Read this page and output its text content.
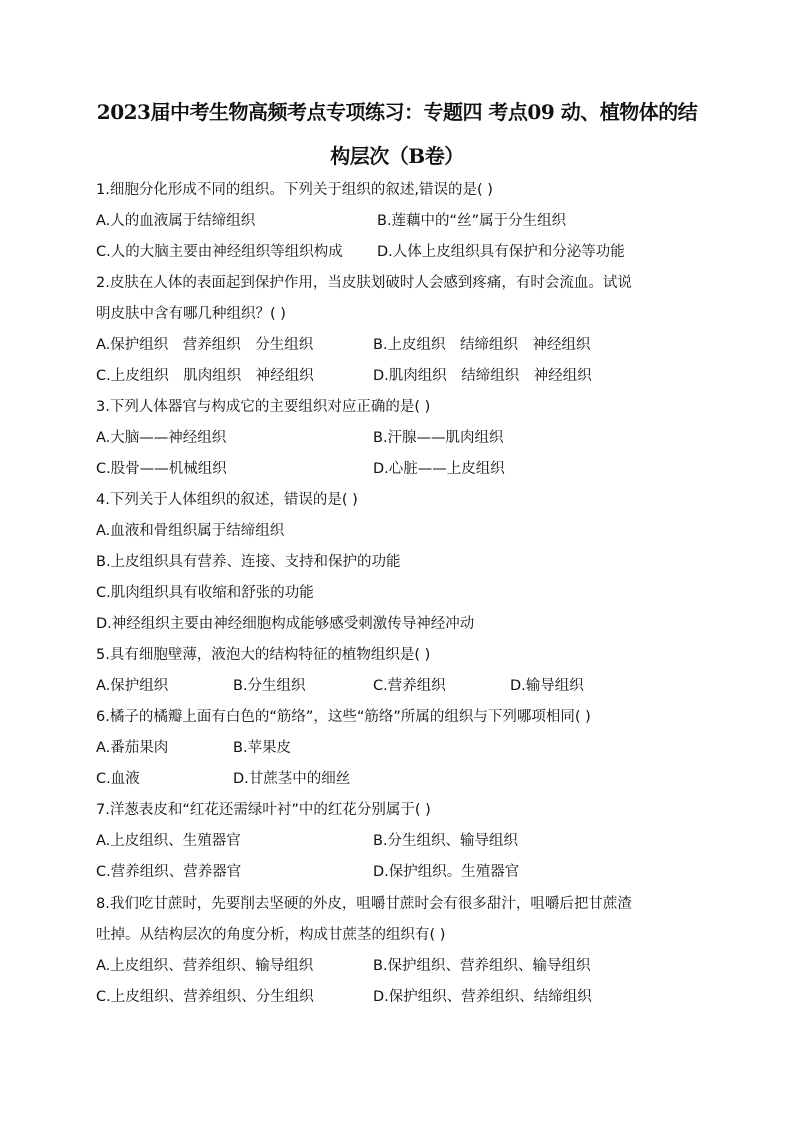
2023届中考生物高频考点专项练习：专题四 考点09 动、植物体的结
构层次（B卷）
1.细胞分化形成不同的组织。下列关于组织的叙述,错误的是( )
A.人的血液属于结缔组织	B.莲藕中的“丝”属于分生组织
C.人的大脑主要由神经组织等组织构成 D.人体上皮组织具有保护和分泌等功能
2.皮肤在人体的表面起到保护作用，当皮肤划破时人会感到疼痛，有时会流血。试说
明皮肤中含有哪几种组织？( )
A.保护组织　营养组织　分生组织	B.上皮组织　结缔组织　神经组织
C.上皮组织　肌肉组织　神经组织	D.肌肉组织　结缔组织　神经组织
3.下列人体器官与构成它的主要组织对应正确的是( )
A.大脑——神经组织	B.汗腺——肌肉组织
C.股骨——机械组织	D.心脏——上皮组织
4.下列关于人体组织的叙述，错误的是( )
A.血液和骨组织属于结缔组织
B.上皮组织具有营养、连接、支持和保护的功能
C.肌肉组织具有收缩和舒张的功能
D.神经组织主要由神经细胞构成能够感受刺激传导神经冲动
5.具有细胞壁薄，液泡大的结构特征的植物组织是( )
A.保护组织	B.分生组织	C.营养组织	D.输导组织
6.橘子的橘瓣上面有白色的“筋络”，这些“筋络”所属的组织与下列哪项相同( )
A.番茄果肉	B.苹果皮
C.血液	D.甘蔗茎中的细丝
7.洋葱表皮和“红花还需绿叶衬”中的红花分别属于( )
A.上皮组织、生殖器官	B.分生组织、输导组织
C.营养组织、营养器官	D.保护组织。生殖器官
8.我们吃甘蔗时，先要削去坚硬的外皮，咀嚼甘蔗时会有很多甜汁，咀嚼后把甘蔗渣
吐掉。从结构层次的角度分析，构成甘蔗茎的组织有( )
A.上皮组织、营养组织、输导组织	B.保护组织、营养组织、输导组织
C.上皮组织、营养组织、分生组织	D.保护组织、营养组织、结缔组织
